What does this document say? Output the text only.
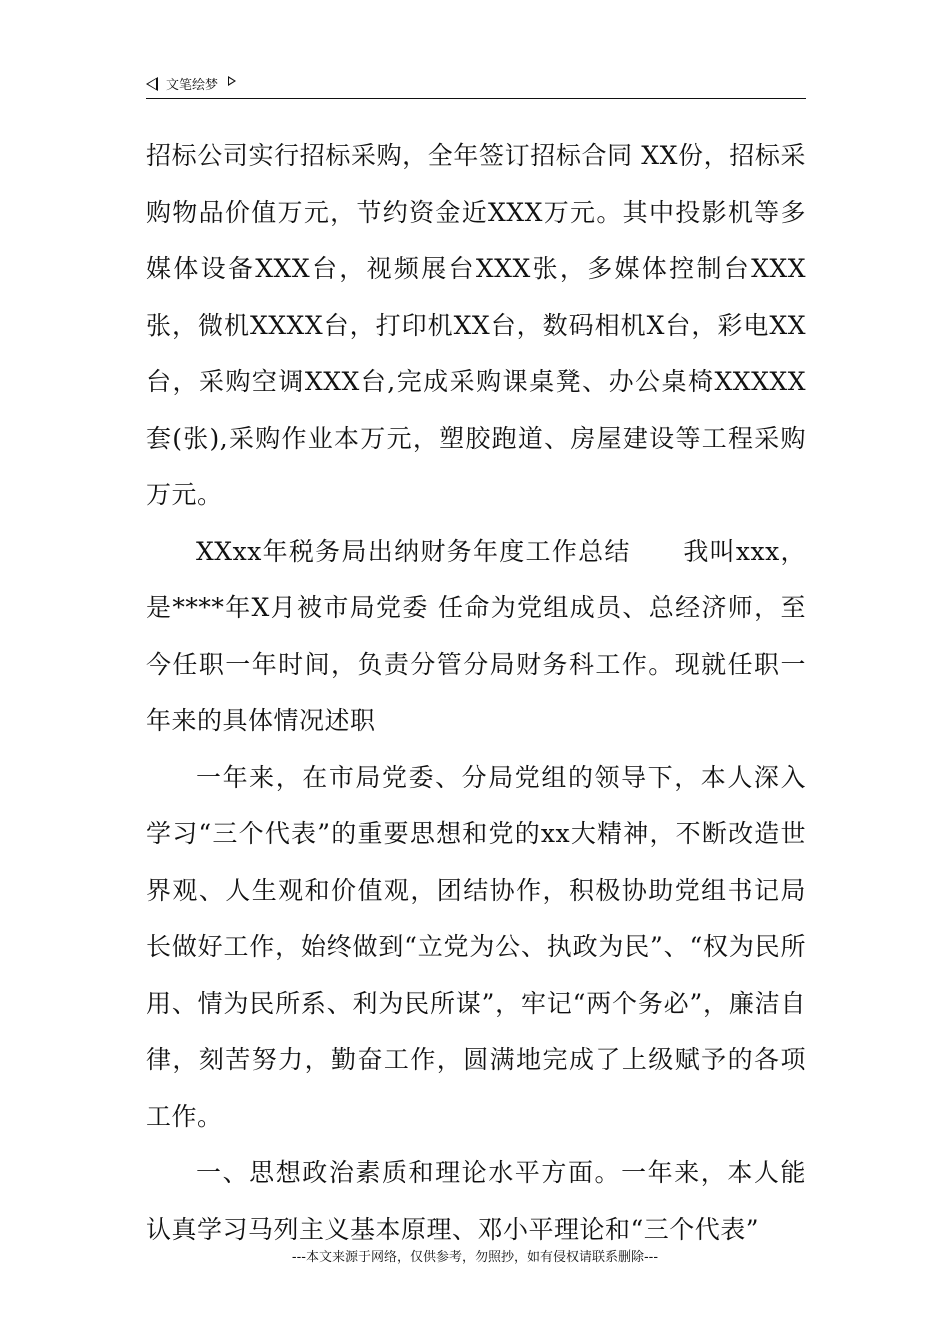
文笔绘梦

招标公司实行招标采购，全年签订招标合同 XX份，招标采购物品价值万元，节约资金近XXX万元。其中投影机等多媒体设备XXX台，视频展台XXX张，多媒体控制台XXX张，微机XXXX台，打印机XX台，数码相机X台，彩电XX台，采购空调XXX台,完成采购课桌凳、办公桌椅XXXXX套(张),采购作业本万元，塑胶跑道、房屋建设等工程采购万元。

XXxx年税务局出纳财务年度工作总结　　我叫xxx，是****年X月被市局党委 任命为党组成员、总经济师，至今任职一年时间，负责分管分局财务科工作。现就任职一年来的具体情况述职

一年来，在市局党委、分局党组的领导下，本人深入学习“三个代表”的重要思想和党的xx大精神，不断改造世界观、人生观和价值观，团结协作，积极协助党组书记局长做好工作，始终做到“立党为公、执政为民”、“权为民所用、情为民所系、利为民所谋”，牢记“两个务必”，廉洁自律，刻苦努力，勤奋工作，圆满地完成了上级赋予的各项工作。

一、思想政治素质和理论水平方面。一年来，本人能认真学习马列主义基本原理、邓小平理论和“三个代表”

---本文来源于网络，仅供参考，勿照抄，如有侵权请联系删除---
